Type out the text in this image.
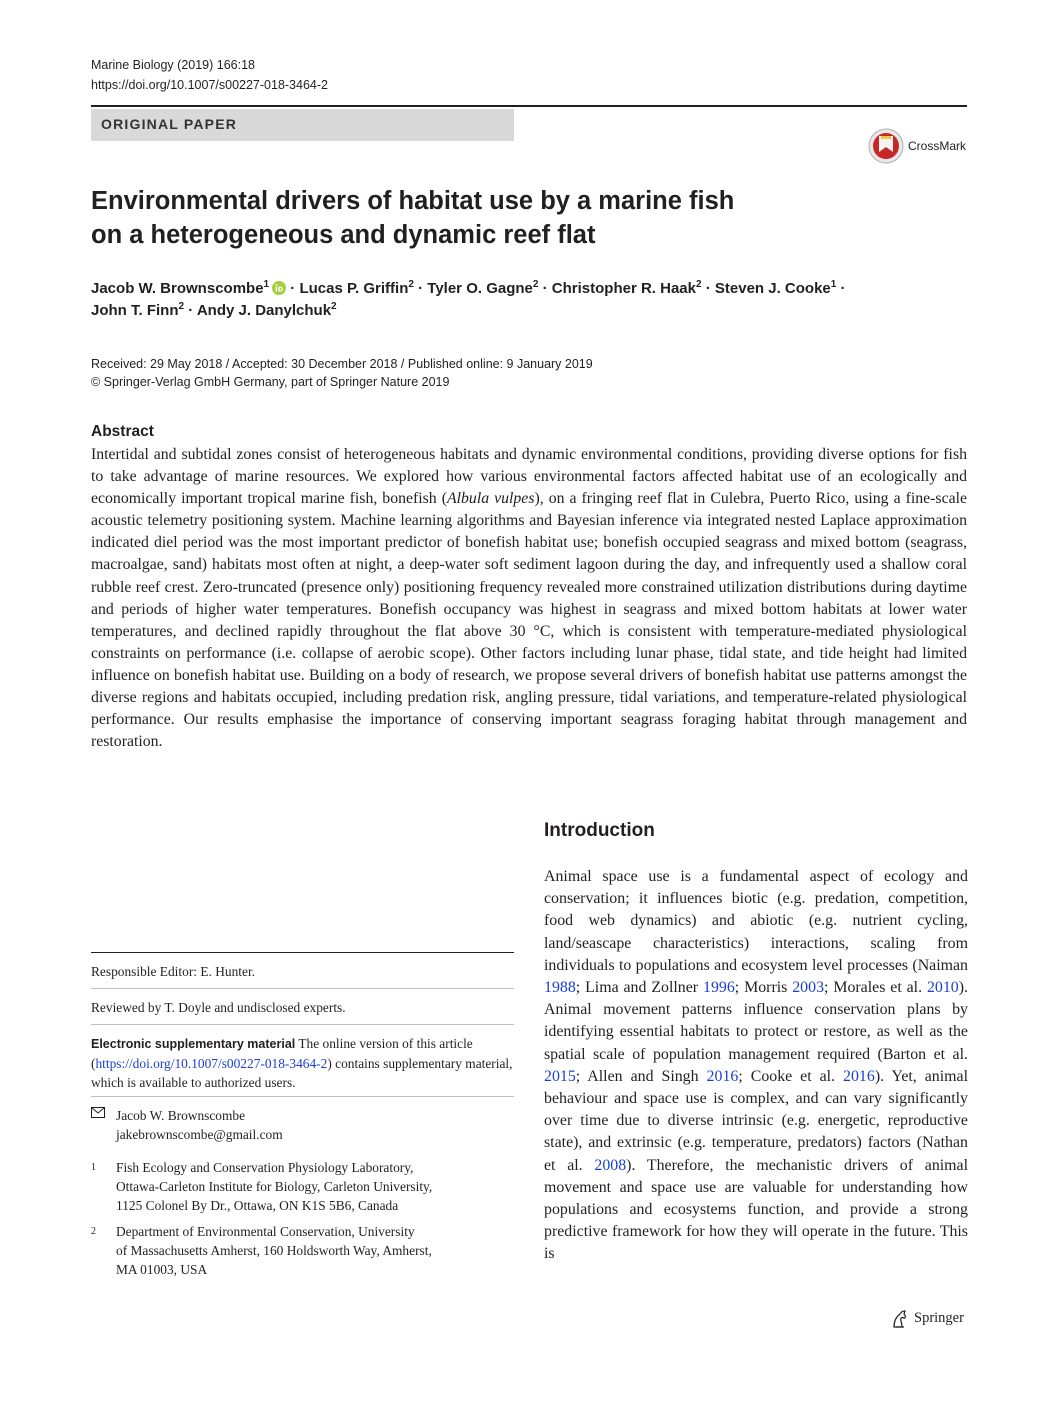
Marine Biology (2019) 166:18
https://doi.org/10.1007/s00227-018-3464-2
ORIGINAL PAPER
CrossMark
Environmental drivers of habitat use by a marine fish
on a heterogeneous and dynamic reef flat
Jacob W. Brownscombe$^1$ · Lucas P. Griffin$^2$ · Tyler O. Gagne$^2$ · Christopher R. Haak$^2$ · Steven J. Cooke$^1$ ·
John T. Finn$^2$ · Andy J. Danylchuk$^2$
Received: 29 May 2018 / Accepted: 30 December 2018 / Published online: 9 January 2019
© Springer-Verlag GmbH Germany, part of Springer Nature 2019
Abstract

Intertidal and subtidal zones consist of heterogeneous habitats and dynamic environmental conditions, providing diverse options for fish to take advantage of marine resources. We explored how various environmental factors affected habitat use of an ecologically and economically important tropical marine fish, bonefish (Albula vulpes), on a fringing reef flat in Culebra, Puerto Rico, using a fine-scale acoustic telemetry positioning system. Machine learning algorithms and Bayesian inference via integrated nested Laplace approximation indicated diel period was the most important predictor of bonefish habitat use; bonefish occupied seagrass and mixed bottom (seagrass, macroalgae, sand) habitats most often at night, a deep-water soft sediment lagoon during the day, and infrequently used a shallow coral rubble reef crest. Zero-truncated (presence only) positioning frequency revealed more constrained utilization distributions during daytime and periods of higher water temperatures. Bonefish occupancy was highest in seagrass and mixed bottom habitats at lower water temperatures, and declined rapidly throughout the flat above 30 °C, which is consistent with temperature-mediated physiological constraints on performance (i.e. collapse of aerobic scope). Other factors including lunar phase, tidal state, and tide height had limited influence on bonefish habitat use. Building on a body of research, we propose several drivers of bonefish habitat use patterns amongst the diverse regions and habitats occupied, including predation risk, angling pressure, tidal variations, and temperature-related physiological performance. Our results emphasise the importance of conserving important seagrass foraging habitat through management and restoration.

Introduction

Animal space use is a fundamental aspect of ecology and conservation; it influences biotic (e.g. predation, competition, food web dynamics) and abiotic (e.g. nutrient cycling, land/seascape characteristics) interactions, scaling from individuals to populations and ecosystem level processes (Naiman 1988; Lima and Zollner 1996; Morris 2003; Morales et al. 2010). Animal movement patterns influence conservation plans by identifying essential habitats to protect or restore, as well as the spatial scale of population management required (Barton et al. 2015; Allen and Singh 2016; Cooke et al. 2016). Yet, animal behaviour and space use is complex, and can vary significantly over time due to diverse intrinsic (e.g. energetic, reproductive state), and extrinsic (e.g. temperature, predators) factors (Nathan et al. 2008). Therefore, the mechanistic drivers of animal movement and space use are valuable for understanding how populations and ecosystems function, and provide a strong predictive framework for how they will operate in the future. This is

Responsible Editor: E. Hunter.
Reviewed by T. Doyle and undisclosed experts.
Electronic supplementary material The online version of this article (https://doi.org/10.1007/s00227-018-3464-2) contains supplementary material, which is available to authorized users.
Jacob W. Brownscombe
jakebrownscombe@gmail.com
1	Fish Ecology and Conservation Physiology Laboratory,
Ottawa-Carleton Institute for Biology, Carleton University,
1125 Colonel By Dr., Ottawa, ON K1S 5B6, Canada
2	Department of Environmental Conservation, University
of Massachusetts Amherst, 160 Holdsworth Way, Amherst,
MA 01003, USA
Springer
